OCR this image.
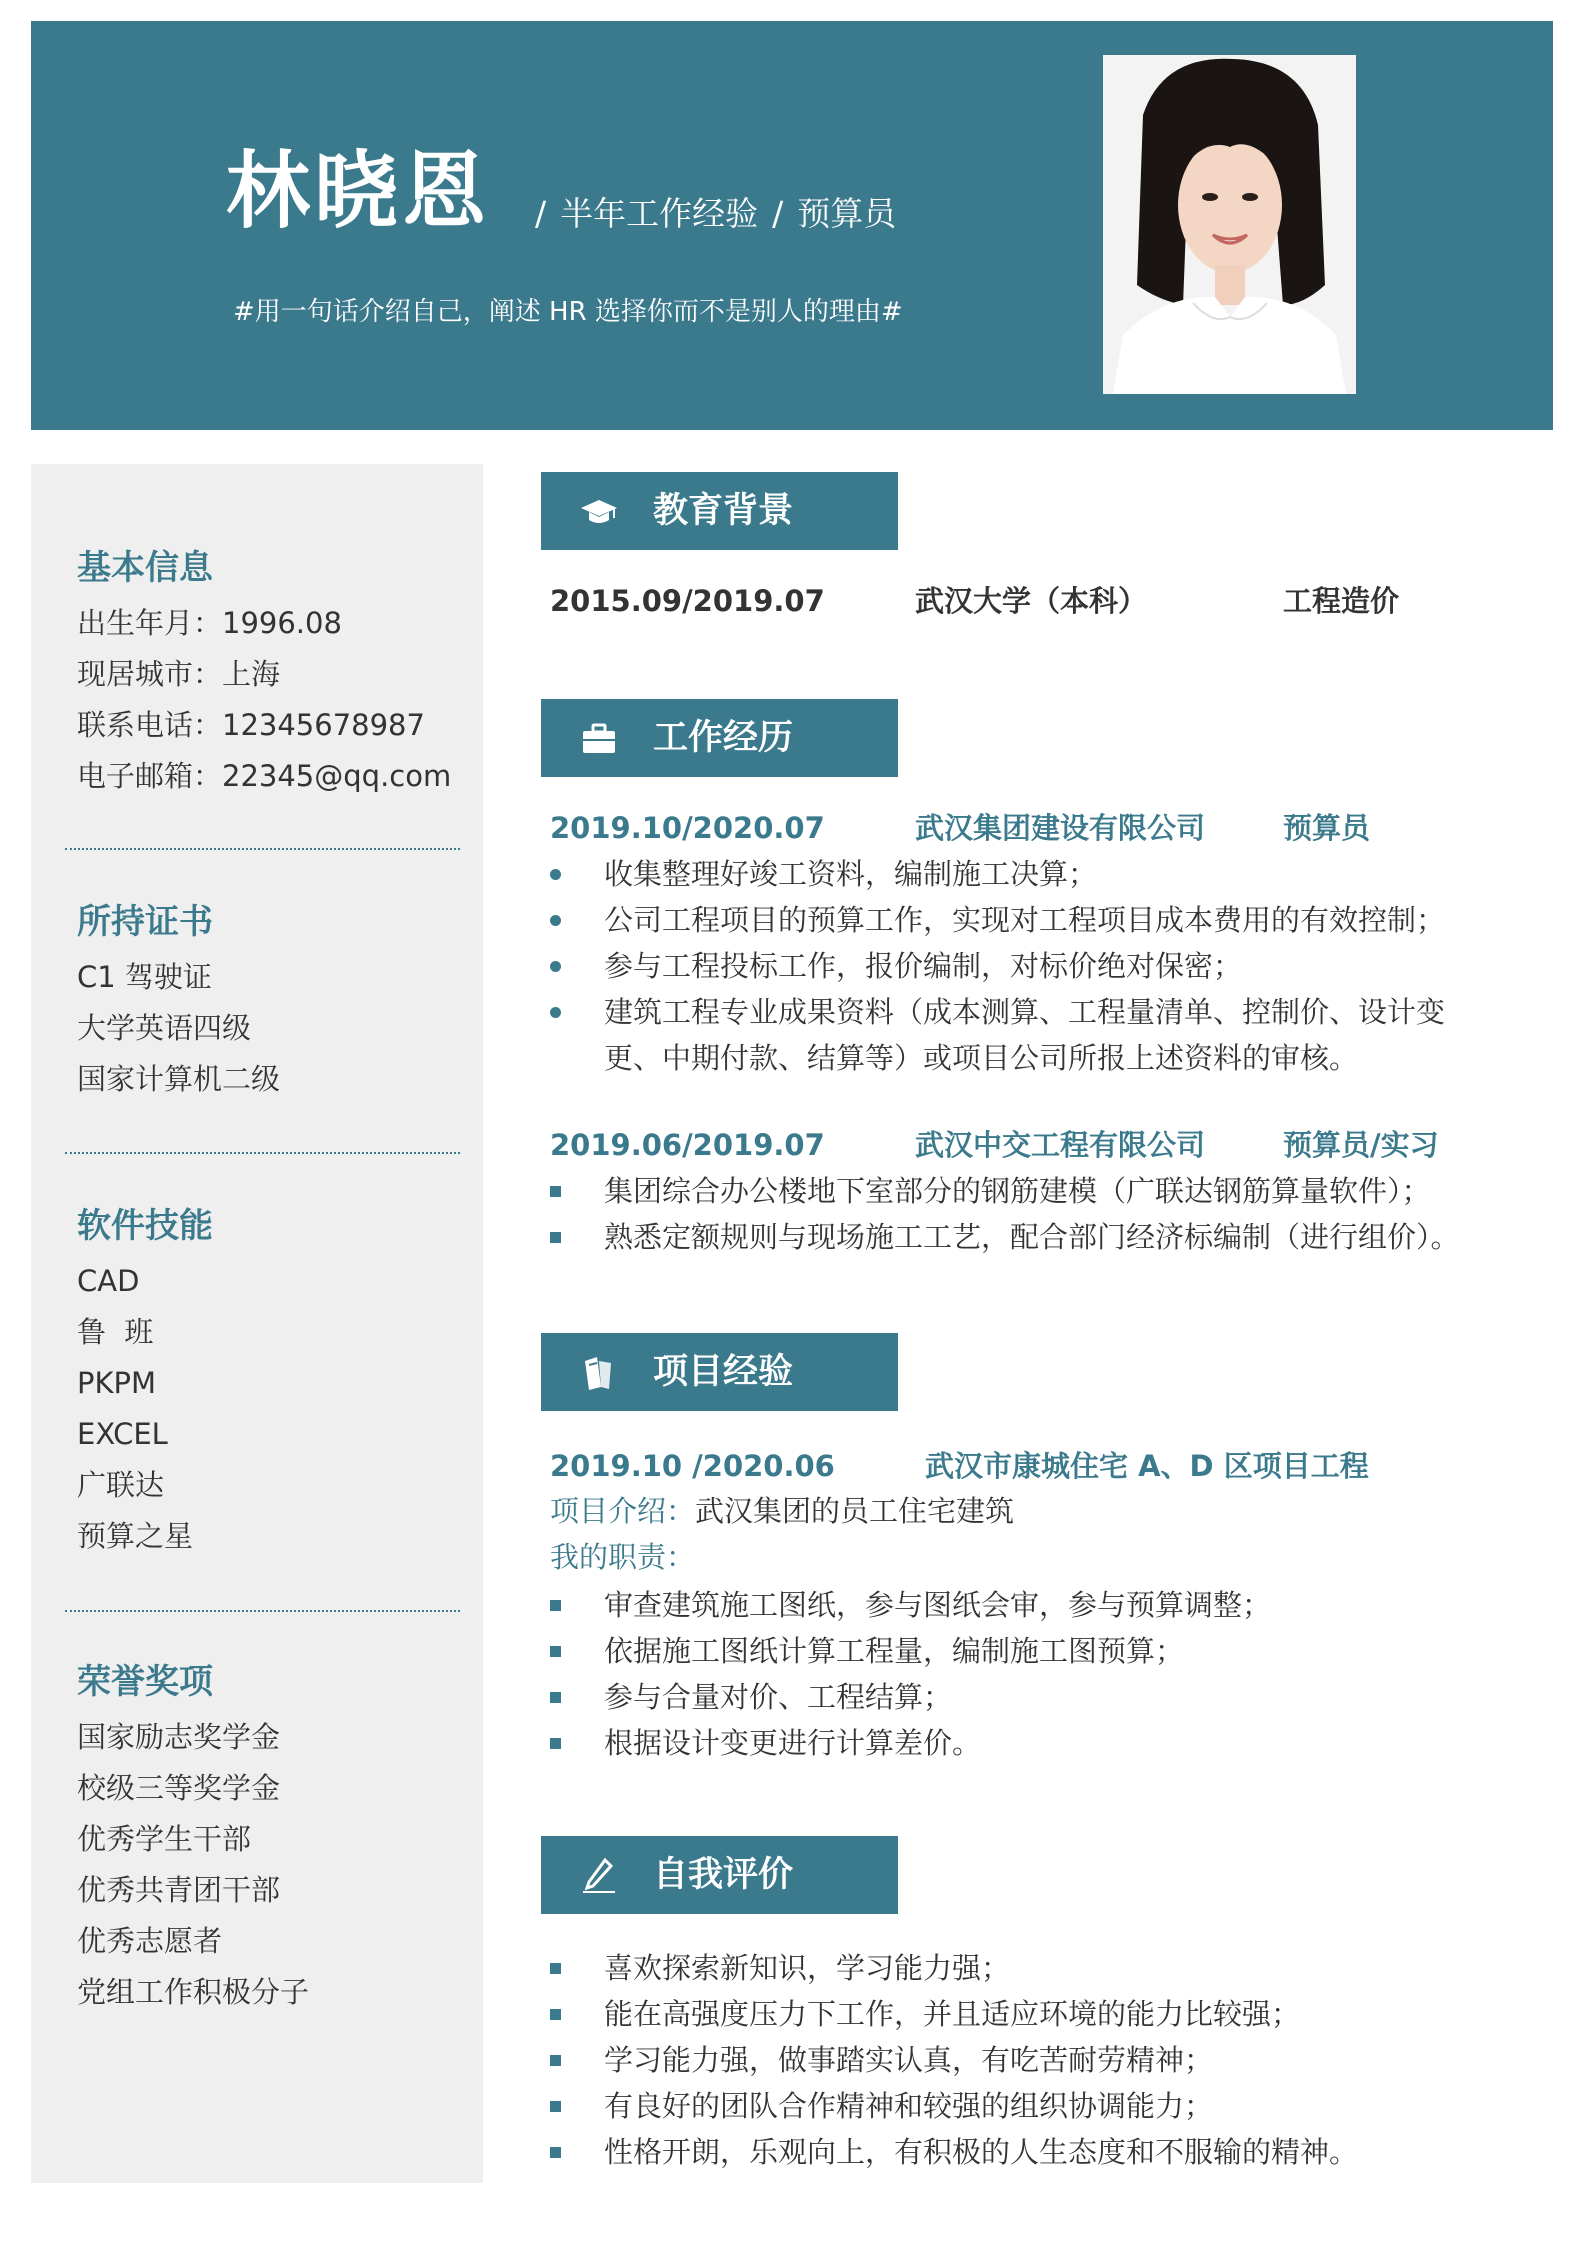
林晓恩	/ 半年工作经验 / 预算员
#用一句话介绍自己，阐述 HR 选择你而不是别人的理由#
基本信息
出生年月：1996.08
现居城市：上海
联系电话：12345678987
电子邮箱：22345@qq.com
所持证书
C1 驾驶证
大学英语四级
国家计算机二级
软件技能
CAD
鲁  班
PKPM
EXCEL
广联达
预算之星
荣誉奖项
国家励志奖学金
校级三等奖学金
优秀学生干部
优秀共青团干部
优秀志愿者
党组工作积极分子
教育背景
2015.09/2019.07	武汉大学（本科）	工程造价
工作经历
2019.10/2020.07	武汉集团建设有限公司	预算员
收集整理好竣工资料，编制施工决算；
公司工程项目的预算工作，实现对工程项目成本费用的有效控制；
参与工程投标工作，报价编制，对标价绝对保密；
建筑工程专业成果资料（成本测算、工程量清单、控制价、设计变
更、中期付款、结算等）或项目公司所报上述资料的审核。
2019.06/2019.07	武汉中交工程有限公司	预算员/实习
集团综合办公楼地下室部分的钢筋建模（广联达钢筋算量软件）；
熟悉定额规则与现场施工工艺，配合部门经济标编制（进行组价）。
项目经验
2019.10 /2020.06	武汉市康城住宅 A、D 区项目工程
项目介绍：武汉集团的员工住宅建筑
我的职责：
审查建筑施工图纸，参与图纸会审，参与预算调整；
依据施工图纸计算工程量，编制施工图预算；
参与合量对价、工程结算；
根据设计变更进行计算差价。
自我评价
喜欢探索新知识，学习能力强；
能在高强度压力下工作，并且适应环境的能力比较强；
学习能力强，做事踏实认真，有吃苦耐劳精神；
有良好的团队合作精神和较强的组织协调能力；
性格开朗，乐观向上，有积极的人生态度和不服输的精神。
